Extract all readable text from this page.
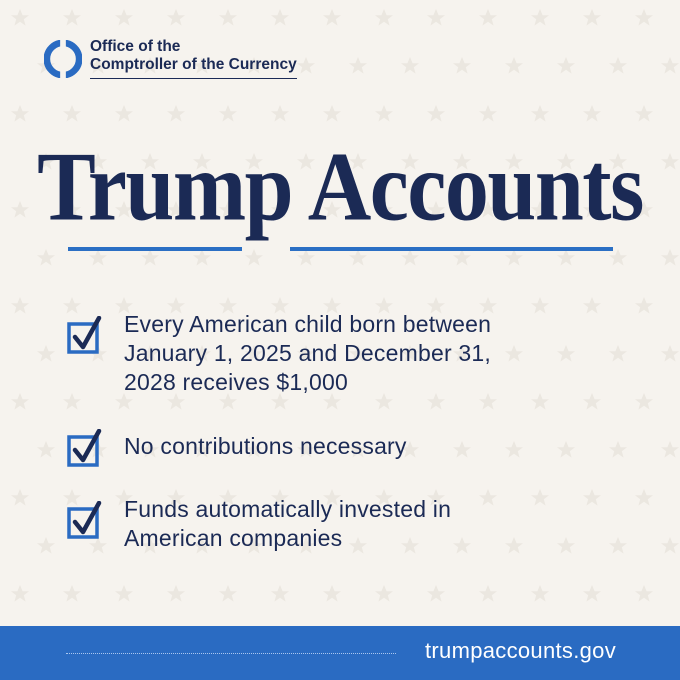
Office of the
Comptroller of the Currency
Trump Accounts
Every American child born between January 1, 2025 and December 31, 2028 receives $1,000
No contributions necessary
Funds automatically invested in American companies
trumpaccounts.gov
